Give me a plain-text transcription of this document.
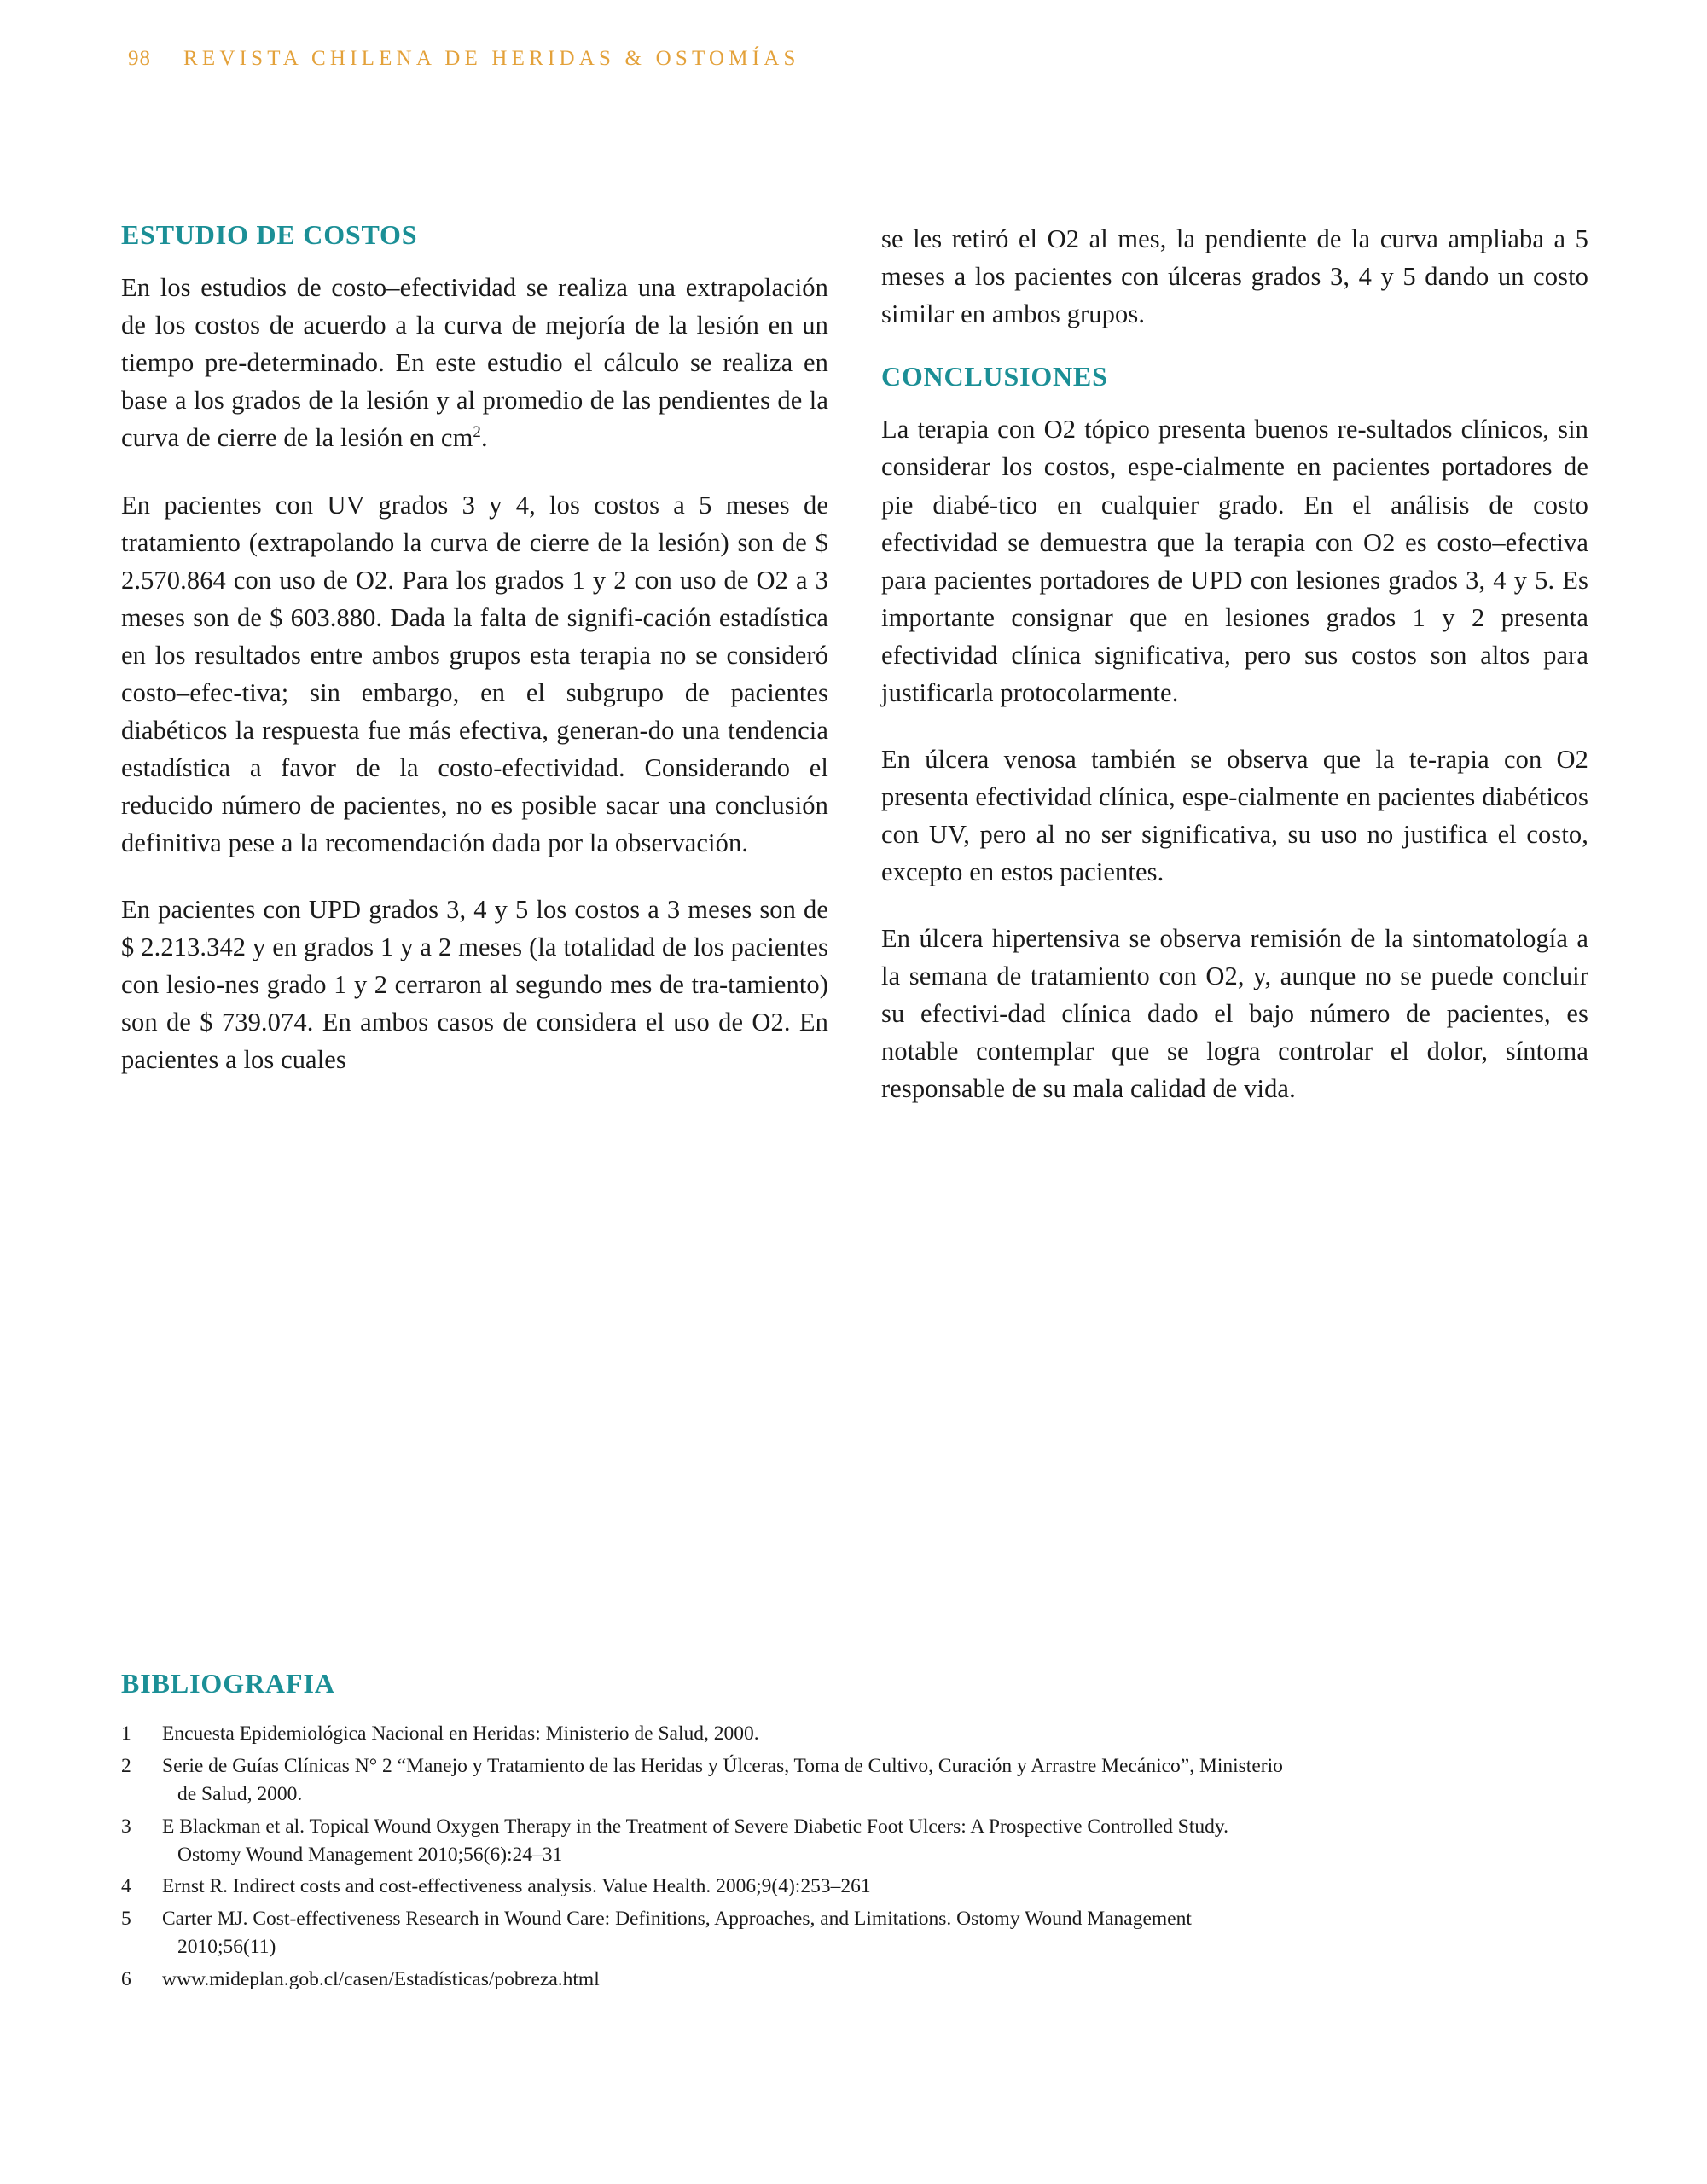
98 REVISTA CHILENA DE HERIDAS & OSTOMÍAS
ESTUDIO DE COSTOS

En los estudios de costo–efectividad se realiza una extrapolación de los costos de acuerdo a la curva de mejoría de la lesión en un tiempo pre-determinado. En este estudio el cálculo se realiza en base a los grados de la lesión y al promedio de las pendientes de la curva de cierre de la lesión en $cm^2$.

En pacientes con UV grados 3 y 4, los costos a 5 meses de tratamiento (extrapolando la curva de cierre de la lesión) son de $ 2.570.864 con uso de O2. Para los grados 1 y 2 con uso de O2 a 3 meses son de $ 603.880. Dada la falta de signifi-cación estadística en los resultados entre ambos grupos esta terapia no se consideró costo–efec-tiva; sin embargo, en el subgrupo de pacientes diabéticos la respuesta fue más efectiva, generan-do una tendencia estadística a favor de la costo-efectividad. Considerando el reducido número de pacientes, no es posible sacar una conclusión definitiva pese a la recomendación dada por la observación.

En pacientes con UPD grados 3, 4 y 5 los costos a 3 meses son de $ 2.213.342 y en grados 1 y a 2 meses (la totalidad de los pacientes con lesio-nes grado 1 y 2 cerraron al segundo mes de tra-tamiento) son de $ 739.074. En ambos casos de considera el uso de O2. En pacientes a los cuales

se les retiró el O2 al mes, la pendiente de la curva ampliaba a 5 meses a los pacientes con úlceras grados 3, 4 y 5 dando un costo similar en ambos grupos.

CONCLUSIONES

La terapia con O2 tópico presenta buenos re-sultados clínicos, sin considerar los costos, espe-cialmente en pacientes portadores de pie diabé-tico en cualquier grado. En el análisis de costo efectividad se demuestra que la terapia con O2 es costo–efectiva para pacientes portadores de UPD con lesiones grados 3, 4 y 5. Es importante consignar que en lesiones grados 1 y 2 presenta efectividad clínica significativa, pero sus costos son altos para justificarla protocolarmente.

En úlcera venosa también se observa que la te-rapia con O2 presenta efectividad clínica, espe-cialmente en pacientes diabéticos con UV, pero al no ser significativa, su uso no justifica el costo, excepto en estos pacientes.

En úlcera hipertensiva se observa remisión de la sintomatología a la semana de tratamiento con O2, y, aunque no se puede concluir su efectivi-dad clínica dado el bajo número de pacientes, es notable contemplar que se logra controlar el dolor, síntoma responsable de su mala calidad de vida.

BIBLIOGRAFIA
1	Encuesta Epidemiológica Nacional en Heridas: Ministerio de Salud, 2000.
2	Serie de Guías Clínicas N° 2 “Manejo y Tratamiento de las Heridas y Úlceras, Toma de Cultivo, Curación y Arrastre Mecánico”, Ministerio
de Salud, 2000.
3	E Blackman et al. Topical Wound Oxygen Therapy in the Treatment of Severe Diabetic Foot Ulcers: A Prospective Controlled Study.
Ostomy Wound Management 2010;56(6):24–31
4	Ernst R. Indirect costs and cost-effectiveness analysis. Value Health. 2006;9(4):253–261
5	Carter MJ. Cost-effectiveness Research in Wound Care: Definitions, Approaches, and Limitations. Ostomy Wound Management
2010;56(11)
6	www.mideplan.gob.cl/casen/Estadísticas/pobreza.html
